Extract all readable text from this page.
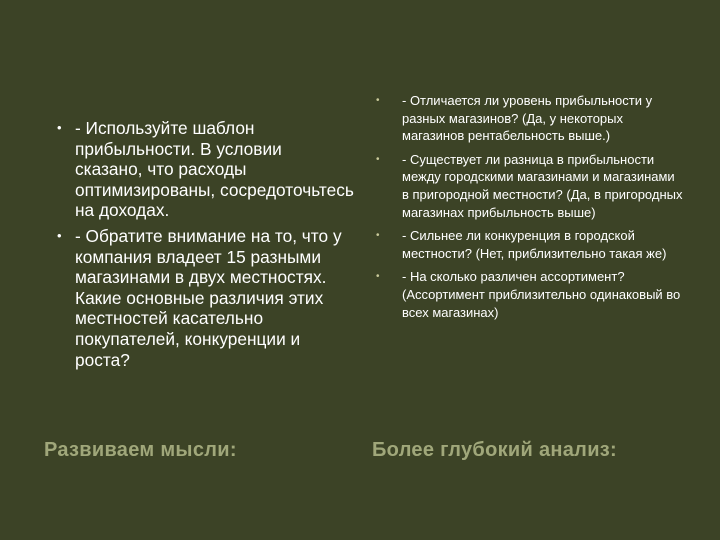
• - Используйте шаблон прибыльности. В условии сказано, что расходы оптимизированы, сосредоточьтесь на доходах.
• - Обратите внимание на то, что у компания владеет 15 разными магазинами в двух местностях. Какие основные различия этих местностей касательно покупателей, конкуренции и роста?
• - Отличается ли уровень прибыльности у разных магазинов? (Да, у некоторых магазинов рентабельность выше.)
• - Существует ли разница в прибыльности между городскими магазинами и магазинами в пригородной местности? (Да, в пригородных магазинах прибыльность выше)
• - Сильнее ли конкуренция в городской местности? (Нет, приблизительно такая же)
• - На сколько различен ассортимент? (Ассортимент приблизительно одинаковый во всех магазинах)
Развиваем мысли:	Более глубокий анализ:
